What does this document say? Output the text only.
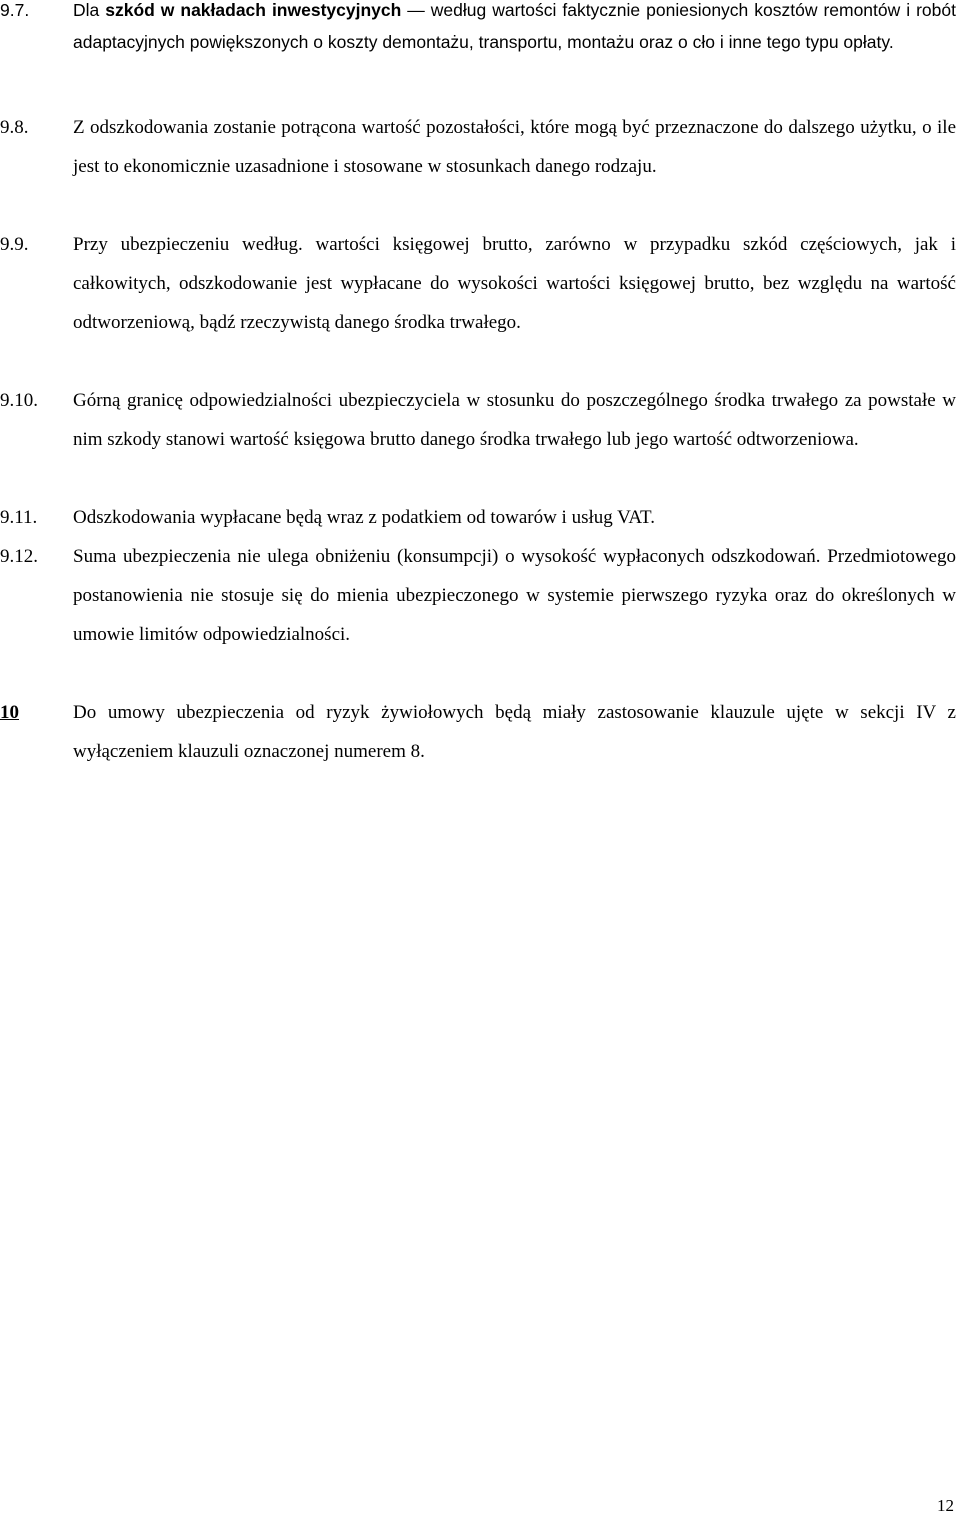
9.7.	Dla szkód w nakładach inwestycyjnych — według wartości faktycznie poniesionych kosztów remontów i robót adaptacyjnych powiększonych o koszty demontażu, transportu, montażu oraz o cło i inne tego typu opłaty.
9.8.	Z odszkodowania zostanie potrącona wartość pozostałości, które mogą być przeznaczone do dalszego użytku, o ile jest to ekonomicznie uzasadnione i stosowane w stosunkach danego rodzaju.
9.9.	Przy ubezpieczeniu według. wartości księgowej brutto, zarówno w przypadku szkód częściowych, jak i całkowitych, odszkodowanie jest wypłacane do wysokości wartości księgowej brutto, bez względu na wartość odtworzeniową, bądź rzeczywistą danego środka trwałego.
9.10.	Górną granicę odpowiedzialności ubezpieczyciela w stosunku do poszczególnego środka trwałego za powstałe w nim szkody stanowi wartość księgowa brutto danego środka trwałego lub jego wartość odtworzeniowa.
9.11.	Odszkodowania wypłacane będą wraz z podatkiem od towarów i usług VAT.
9.12.	Suma ubezpieczenia nie ulega obniżeniu (konsumpcji) o wysokość wypłaconych odszkodowań. Przedmiotowego postanowienia nie stosuje się do mienia ubezpieczonego w systemie pierwszego ryzyka oraz do określonych w umowie limitów odpowiedzialności.
10	Do umowy ubezpieczenia od ryzyk żywiołowych będą miały zastosowanie klauzule ujęte w sekcji IV z wyłączeniem klauzuli oznaczonej numerem 8.
12
